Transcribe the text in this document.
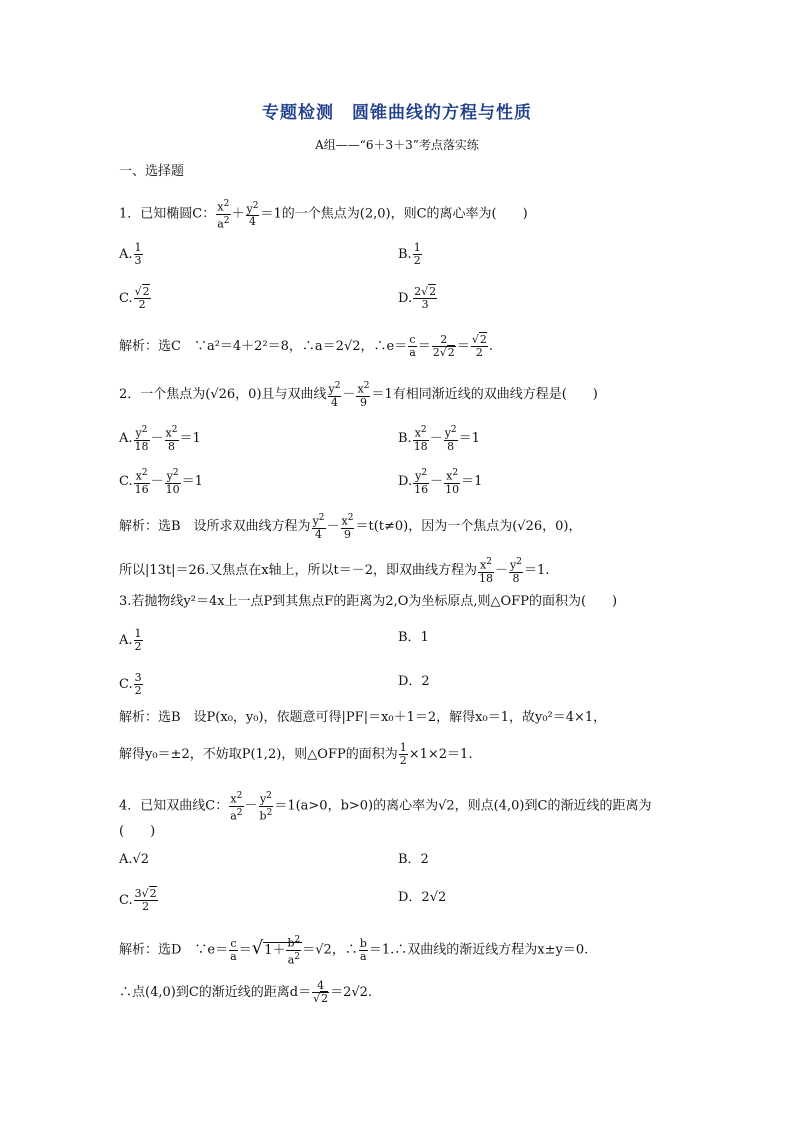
专题检测　圆锥曲线的方程与性质
A组——“6＋3＋3”考点落实练
一、选择题
1．已知椭圆C： $\frac{x^2}{a^2} + \frac{y^2}{4} =1$的一个焦点为(2,0)，则C的离心率为(　　)
A. $\frac{1}{3}$	B. $\frac{1}{2}$
C. $\frac{√2}{2}$	D. $\frac{2√2}{3}$
解析：选C　∵a²＝4＋2²＝8，∴a＝2√2，∴e＝ $\frac{c}{a} = \frac{2}{2√2} = \frac{√2}{2}$ .
2．一个焦点为(√26，0)且与双曲线 $\frac{y^2}{4} - \frac{x^2}{9} =1$有相同渐近线的双曲线方程是(　　)
A. $\frac{y^2}{18} - \frac{x^2}{8} =1$	B. $\frac{x^2}{18} - \frac{y^2}{8} =1$
C. $\frac{x^2}{16} - \frac{y^2}{10} =1$	D. $\frac{y^2}{16} - \frac{x^2}{10} =1$
解析：选B　设所求双曲线方程为 $\frac{y^2}{4} - \frac{x^2}{9} =t(t\ne 0)$，因为一个焦点为(√26，0)，
所以|13t|＝26.又焦点在x轴上，所以t＝－2，即双曲线方程为 $\frac{x^2}{18} - \frac{y^2}{8} =1$.
3.若抛物线y²＝4x上一点P到其焦点F的距离为2,O为坐标原点,则△OFP的面积为(　　)
A. $\frac{1}{2}$	B．1
C. $\frac{3}{2}$	D．2
解析：选B　设P(x₀，y₀)，依题意可得|PF|＝x₀＋1＝2，解得x₀＝1，故y₀²＝4×1，
解得y₀＝±2，不妨取P(1,2)，则△OFP的面积为 $\frac{1}{2} \times 1\times 2=1$.
4．已知双曲线C： $\frac{x^2}{a^2} - \frac{y^2}{b^2} =1(a>0$，b>0)的离心率为√2，则点(4,0)到C的渐近线的距离为
(　　)
A.√2	B．2
C. $\frac{3√2}{2}$	D．2√2
解析：选D　∵e＝ $\frac{c}{a} =√1+ \frac{b^2}{a^2} =√2$，∴ $\frac{b}{a}$ ＝1.∴双曲线的渐近线方程为x±y＝0.
∴点(4,0)到C的渐近线的距离$d= \frac{4}{√2} =2√2$.
